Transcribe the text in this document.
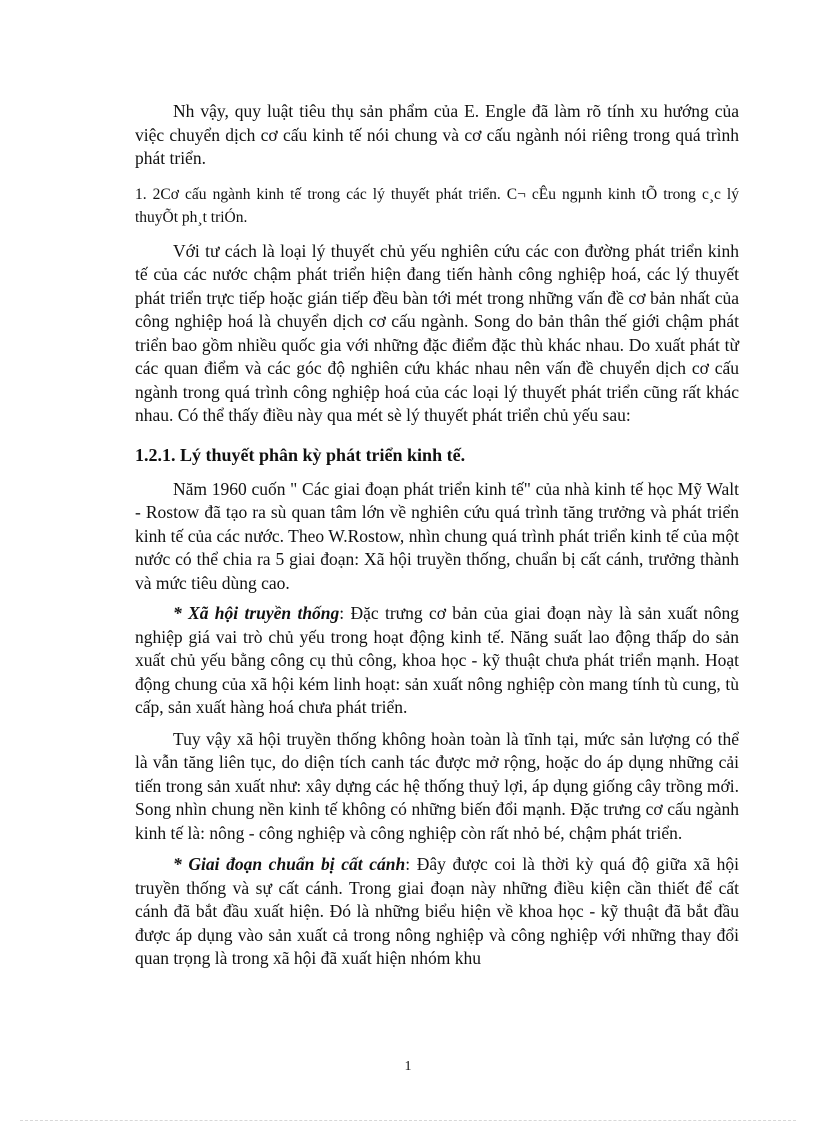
Nh vậy, quy luật tiêu thụ sản phẩm của E. Engle đã làm rõ tính xu hướng của việc chuyển dịch cơ cấu kinh tế nói chung và cơ cấu ngành nói riêng trong quá trình phát triển.

1. 2Cơ cấu ngành kinh tế trong các lý thuyết phát triển. C¬ cÊu ngµnh kinh tÕ trong c¸c lý thuyÕt ph¸t triÓn.

Với tư cách là loại lý thuyết chủ yếu nghiên cứu các con đường phát triển kinh tế của các nước chậm phát triển hiện đang tiến hành công nghiệp hoá, các lý thuyết phát triển trực tiếp hoặc gián tiếp đều bàn tới mét trong những vấn đề cơ bản nhất của công nghiệp hoá là chuyển dịch cơ cấu ngành. Song do bản thân thế giới chậm phát triển bao gồm nhiều quốc gia với những đặc điểm đặc thù khác nhau. Do xuất phát từ các quan điểm và các góc độ nghiên cứu khác nhau nên vấn đề chuyển dịch cơ cấu ngành trong quá trình công nghiệp hoá của các loại lý thuyết phát triển cũng rất khác nhau. Có thể thấy điều này qua mét sè lý thuyết phát triển chủ yếu sau:

1.2.1. Lý thuyết phân kỳ phát triển kinh tế.

Năm 1960 cuốn " Các giai đoạn phát triển kinh tế" của nhà kinh tế học Mỹ Walt - Rostow đã tạo ra sù quan tâm lớn về nghiên cứu quá trình tăng trưởng và phát triển kinh tế của các nước. Theo W.Rostow, nhìn chung quá trình phát triển kinh tế của một nước có thể chia ra 5 giai đoạn: Xã hội truyền thống, chuẩn bị cất cánh, trưởng thành và mức tiêu dùng cao.

* Xã hội truyền thống: Đặc trưng cơ bản của giai đoạn này là sản xuất nông nghiệp giá vai trò chủ yếu trong hoạt động kinh tế. Năng suất lao động thấp do sản xuất chủ yếu bằng công cụ thủ công, khoa học - kỹ thuật chưa phát triển mạnh. Hoạt động chung của xã hội kém linh hoạt: sản xuất nông nghiệp còn mang tính tù cung, tù cấp, sản xuất hàng hoá chưa phát triển.

Tuy vậy xã hội truyền thống không hoàn toàn là tĩnh tại, mức sản lượng có thể là vẫn tăng liên tục, do diện tích canh tác được mở rộng, hoặc do áp dụng những cải tiến trong sản xuất như: xây dựng các hệ thống thuỷ lợi, áp dụng giống cây trồng mới. Song nhìn chung nền kinh tế không có những biến đổi mạnh. Đặc trưng cơ cấu ngành kinh tế là: nông - công nghiệp và công nghiệp còn rất nhỏ bé, chậm phát triển.

* Giai đoạn chuẩn bị cất cánh: Đây được coi là thời kỳ quá độ giữa xã hội truyền thống và sự cất cánh. Trong giai đoạn này những điều kiện cần thiết để cất cánh đã bắt đầu xuất hiện. Đó là những biểu hiện về khoa học - kỹ thuật đã bắt đầu được áp dụng vào sản xuất cả trong nông nghiệp và công nghiệp với những thay đổi quan trọng là trong xã hội đã xuất hiện nhóm khu

1
